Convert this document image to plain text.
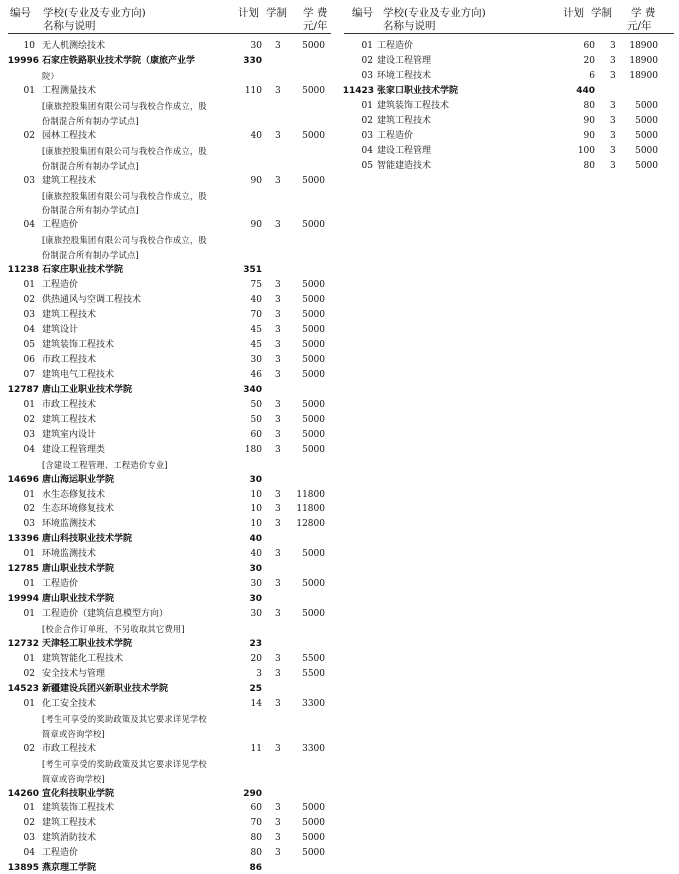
编号 学校(专业及专业方向)
名称与说明
计划 学制 学 费
元/年
编号 学校(专业及专业方向)
名称与说明
计划 学制 学 费
元/年
10 无人机测绘技术	30 3	5000
19996 石家庄铁路职业技术学院（康旅产业学	330
院）
01 工程测量技术	110 3	5000
[康旅控股集团有限公司与我校合作成立，股
份制混合所有制办学试点]
02 园林工程技术	40 3	5000
[康旅控股集团有限公司与我校合作成立，股
份制混合所有制办学试点]
03 建筑工程技术	90 3	5000
[康旅控股集团有限公司与我校合作成立，股
份制混合所有制办学试点]
04 工程造价	90 3	5000
[康旅控股集团有限公司与我校合作成立，股
份制混合所有制办学试点]
11238 石家庄职业技术学院	351
01 工程造价	75 3	5000
02 供热通风与空调工程技术	40 3	5000
03 建筑工程技术	70 3	5000
04 建筑设计	45 3	5000
05 建筑装饰工程技术	45 3	5000
06 市政工程技术	30 3	5000
07 建筑电气工程技术	46 3	5000
12787 唐山工业职业技术学院	340
01 市政工程技术	50 3	5000
02 建筑工程技术	50 3	5000
03 建筑室内设计	60 3	5000
04 建设工程管理类	180 3	5000
[含建设工程管理、工程造价专业]
14696 唐山海运职业学院	30
01 水生态修复技术	10 3	11800
02 生态环境修复技术	10 3	11800
03 环境监测技术	10 3	12800
13396 唐山科技职业技术学院	40
01 环境监测技术	40 3	5000
12785 唐山职业技术学院	30
01 工程造价	30 3	5000
19994 唐山职业技术学院	30
01 工程造价（建筑信息模型方向）	30 3	5000
[校企合作订单班，不另收取其它费用]
12732 天津轻工职业技术学院	23
01 建筑智能化工程技术	20 3	5500
02 安全技术与管理	3 3	5500
14523 新疆建设兵团兴新职业技术学院	25
01 化工安全技术	14 3	3300
[考生可享受的奖助政策及其它要求详见学校
简章或咨询学校]
02 市政工程技术	11 3	3300
[考生可享受的奖助政策及其它要求详见学校
简章或咨询学校]
14260 宣化科技职业学院	290
01 建筑装饰工程技术	60 3	5000
02 建筑工程技术	70 3	5000
03 建筑消防技术	80 3	5000
04 工程造价	80 3	5000
13895 燕京理工学院	86
01 工程造价	60 3	18900
02 建设工程管理	20 3	18900
03 环境工程技术	6 3	18900
11423 张家口职业技术学院	440
01 建筑装饰工程技术	80 3	5000
02 建筑工程技术	90 3	5000
03 工程造价	90 3	5000
04 建设工程管理	100 3	5000
05 智能建造技术	80 3	5000
